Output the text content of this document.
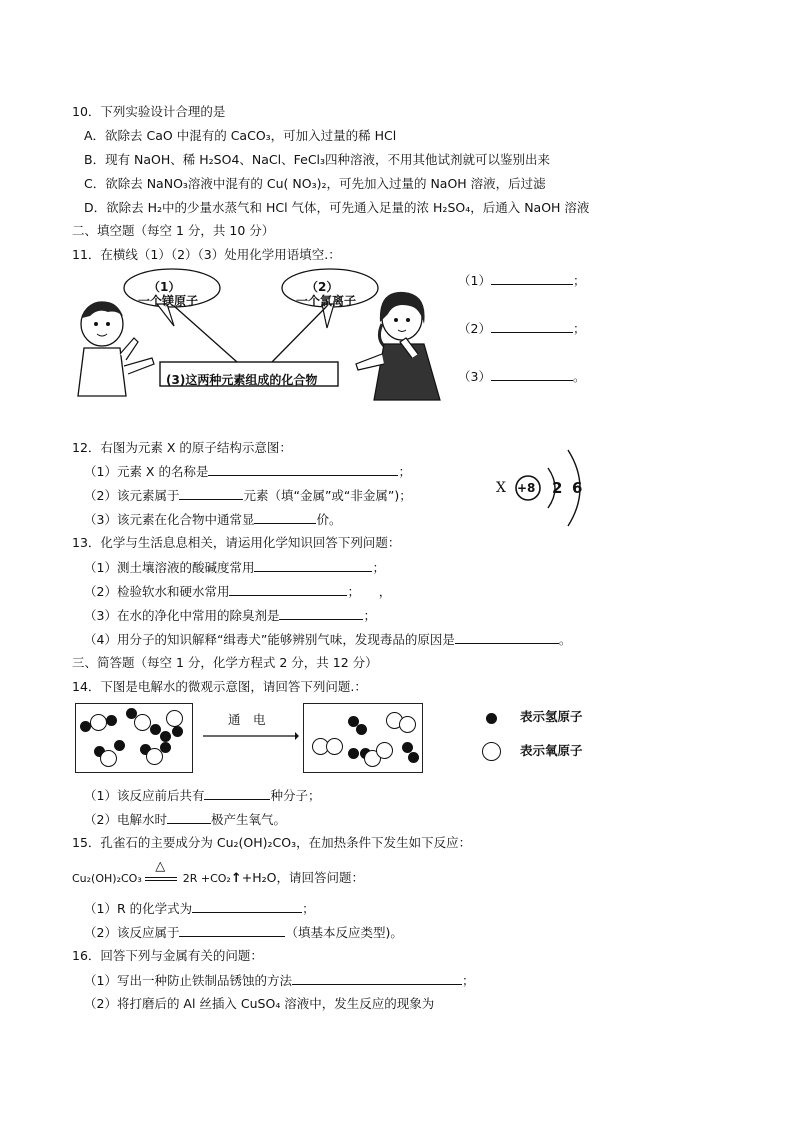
10．下列实验设计合理的是
A．欲除去 CaO 中混有的 CaCO₃，可加入过量的稀 HCl
B．现有 NaOH、稀 H₂SO4、NaCl、FeCl₃四种溶液，不用其他试剂就可以鉴别出来
C．欲除去 NaNO₃溶液中混有的 Cu( NO₃)₂，可先加入过量的 NaOH 溶液，后过滤
D．欲除去 H₂中的少量水蒸气和 HCl 气体，可先通入足量的浓 H₂SO₄，后通入 NaOH 溶液
二、填空题（每空 1 分，共 10 分）
11．在横线（1）（2）（3）处用化学用语填空.：
（1）
一个镁原子
（2）
一个氯离子
(3)这两种元素组成的化合物
（1）	；
（2）	；
（3）	。
12．右图为元素 X 的原子结构示意图：
（1）元素 X 的名称是	；
（2）该元素属于	元素（填“金属”或“非金属”)；
（3）该元素在化合物中通常显	价。
X +8 2 6
13．化学与生活息息相关，请运用化学知识回答下列问题：
（1）测土壤溶液的酸碱度常用	；
（2）检验软水和硬水常用	；　　，
（3）在水的净化中常用的除臭剂是	；
（4）用分子的知识解释“缉毒犬”能够辨别气味，发现毒品的原因是	。
三、简答题（每空 1 分，化学方程式 2 分，共 12 分）
14．下图是电解水的微观示意图，请回答下列问题.：
通　电	表示氢原子
表示氧原子
（1）该反应前后共有	种分子；
（2）电解水时	极产生氧气。
15．孔雀石的主要成分为 Cu₂(OH)₂CO₃，在加热条件下发生如下反应：
Cu₂(OH)₂CO₃
△
2R +CO₂↑+H₂O，请回答问题：
（1）R 的化学式为	；
（2）该反应属于	（填基本反应类型)。
16．回答下列与金属有关的问题：
（1）写出一种防止铁制品锈蚀的方法	；
（2）将打磨后的 Al 丝插入 CuSO₄ 溶液中，发生反应的现象为
